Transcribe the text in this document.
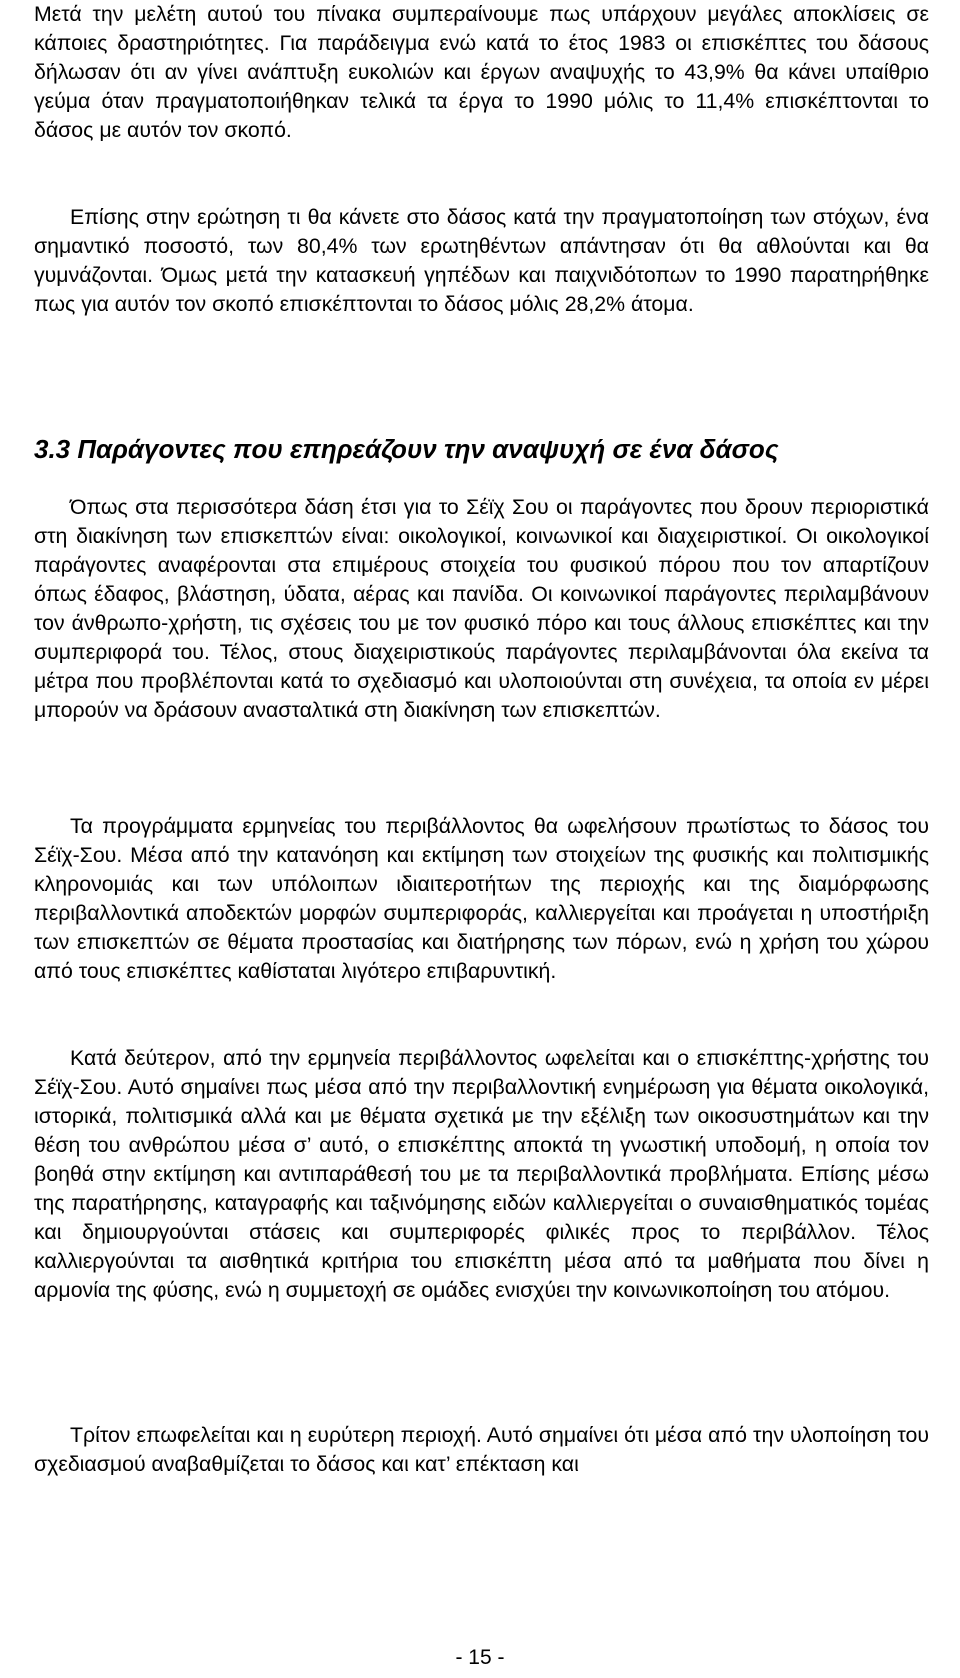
Μετά την μελέτη αυτού του πίνακα συμπεραίνουμε πως υπάρχουν μεγάλες αποκλίσεις σε κάποιες δραστηριότητες. Για παράδειγμα ενώ κατά το έτος 1983 οι επισκέπτες του δάσους δήλωσαν ότι αν γίνει ανάπτυξη ευκολιών και έργων αναψυχής το 43,9% θα κάνει υπαίθριο γεύμα όταν πραγματοποιήθηκαν τελικά τα έργα το 1990 μόλις το 11,4% επισκέπτονται το δάσος με αυτόν τον σκοπό.

Επίσης στην ερώτηση τι θα κάνετε στο δάσος κατά την πραγματοποίηση των στόχων, ένα σημαντικό ποσοστό, των 80,4% των ερωτηθέντων απάντησαν ότι θα αθλούνται και θα γυμνάζονται. Όμως μετά την κατασκευή γηπέδων και παιχνιδότοπων το 1990 παρατηρήθηκε πως για αυτόν τον σκοπό επισκέπτονται το δάσος μόλις 28,2% άτομα.

3.3 Παράγοντες που επηρεάζουν την αναψυχή σε ένα δάσος

Όπως στα περισσότερα δάση έτσι για το Σέϊχ Σου οι παράγοντες που δρουν περιοριστικά στη διακίνηση των επισκεπτών είναι: οικολογικοί, κοινωνικοί και διαχειριστικοί. Οι οικολογικοί παράγοντες αναφέρονται στα επιμέρους στοιχεία του φυσικού πόρου που τον απαρτίζουν όπως έδαφος, βλάστηση, ύδατα, αέρας και πανίδα. Οι κοινωνικοί παράγοντες περιλαμβάνουν τον άνθρωπο-χρήστη, τις σχέσεις του με τον φυσικό πόρο και τους άλλους επισκέπτες και την συμπεριφορά του. Τέλος, στους διαχειριστικούς παράγοντες περιλαμβάνονται όλα εκείνα τα μέτρα που προβλέπονται κατά το σχεδιασμό και υλοποιούνται στη συνέχεια, τα οποία εν μέρει μπορούν να δράσουν ανασταλτικά στη διακίνηση των επισκεπτών.

Τα προγράμματα ερμηνείας του περιβάλλοντος θα ωφελήσουν πρωτίστως το δάσος του Σέϊχ-Σου. Μέσα από την κατανόηση και εκτίμηση των στοιχείων της φυσικής και πολιτισμικής κληρονομιάς και των υπόλοιπων ιδιαιτεροτήτων της περιοχής και της διαμόρφωσης περιβαλλοντικά αποδεκτών μορφών συμπεριφοράς, καλλιεργείται και προάγεται η υποστήριξη των επισκεπτών σε θέματα προστασίας και διατήρησης των πόρων, ενώ η χρήση του χώρου από τους επισκέπτες καθίσταται λιγότερο επιβαρυντική.

Κατά δεύτερον, από την ερμηνεία περιβάλλοντος ωφελείται και ο επισκέπτης-χρήστης του Σέϊχ-Σου. Αυτό σημαίνει πως μέσα από την περιβαλλοντική ενημέρωση για θέματα οικολογικά, ιστορικά, πολιτισμικά αλλά και με θέματα σχετικά με την εξέλιξη των οικοσυστημάτων και την θέση του ανθρώπου μέσα σ’ αυτό, ο επισκέπτης αποκτά τη γνωστική υποδομή, η οποία τον βοηθά στην εκτίμηση και αντιπαράθεσή του με τα περιβαλλοντικά προβλήματα. Επίσης μέσω της παρατήρησης, καταγραφής και ταξινόμησης ειδών καλλιεργείται ο συναισθηματικός τομέας και δημιουργούνται στάσεις και συμπεριφορές φιλικές προς το περιβάλλον. Τέλος καλλιεργούνται τα αισθητικά κριτήρια του επισκέπτη μέσα από τα μαθήματα που δίνει η αρμονία της φύσης, ενώ η συμμετοχή σε ομάδες ενισχύει την κοινωνικοποίηση του ατόμου.

Τρίτον επωφελείται και η ευρύτερη περιοχή. Αυτό σημαίνει ότι μέσα από την υλοποίηση του σχεδιασμού αναβαθμίζεται το δάσος και κατ’ επέκταση και

- 15 -
